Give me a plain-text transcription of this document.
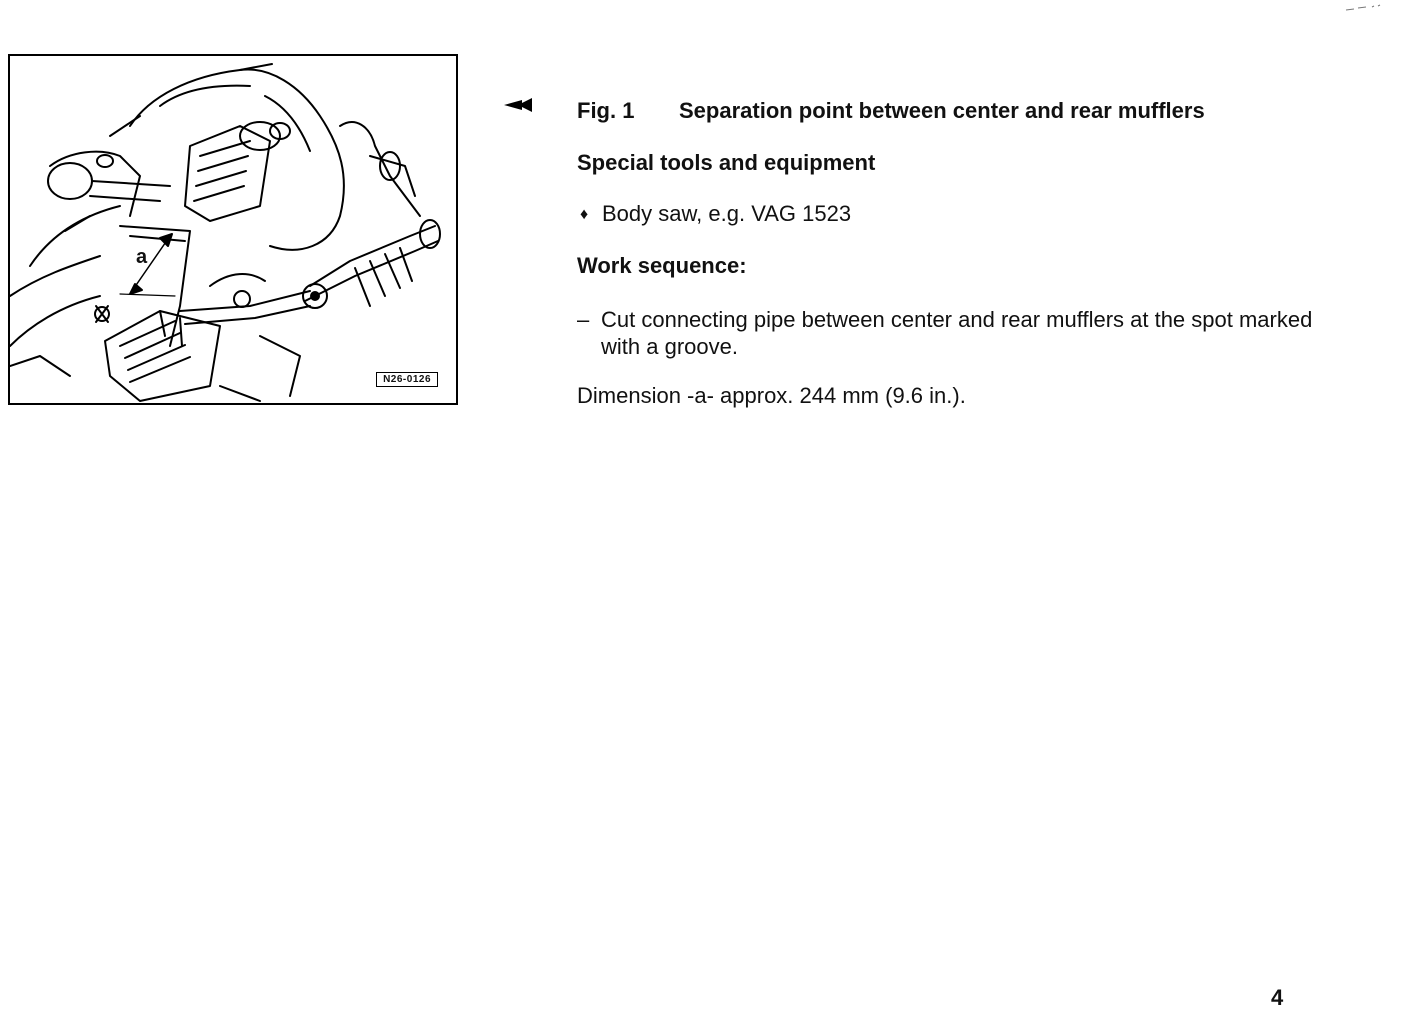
a
N26-0126
Fig. 1 Separation point between center and rear mufflers
Special tools and equipment
♦ Body saw, e.g. VAG 1523
Work sequence:
– Cut connecting pipe between center and rear mufflers at the spot marked with a groove.
Dimension -a- approx. 244 mm (9.6 in.).
4
